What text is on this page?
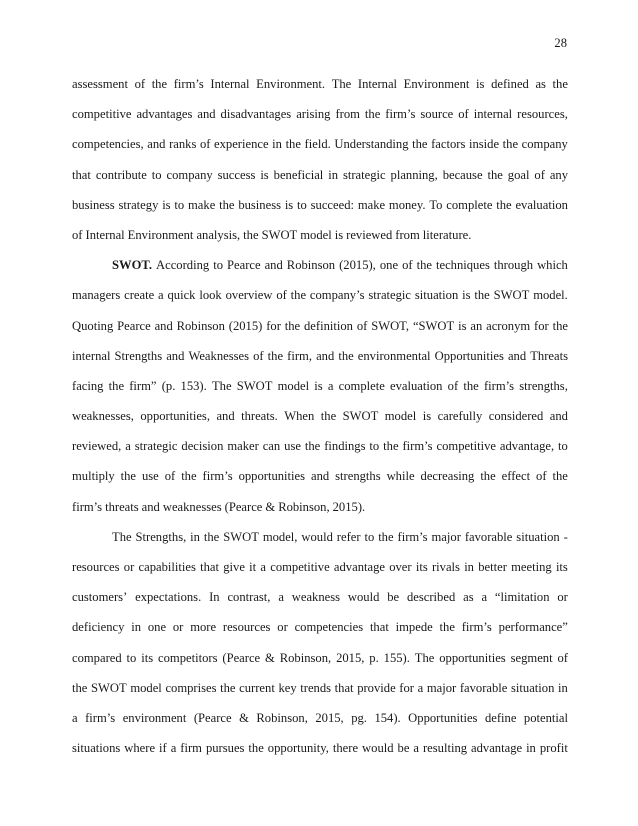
28
assessment of the firm’s Internal Environment. The Internal Environment is defined as the
competitive advantages and disadvantages arising from the firm’s source of internal resources,
competencies, and ranks of experience in the field. Understanding the factors inside the company
that contribute to company success is beneficial in strategic planning, because the goal of any
business strategy is to make the business is to succeed: make money. To complete the evaluation
of Internal Environment analysis, the SWOT model is reviewed from literature.
SWOT. According to Pearce and Robinson (2015), one of the techniques through which
managers create a quick look overview of the company’s strategic situation is the SWOT model.
Quoting Pearce and Robinson (2015) for the definition of SWOT, “SWOT is an acronym for the
internal Strengths and Weaknesses of the firm, and the environmental Opportunities and Threats
facing the firm” (p. 153). The SWOT model is a complete evaluation of the firm’s strengths,
weaknesses, opportunities, and threats. When the SWOT model is carefully considered and
reviewed, a strategic decision maker can use the findings to the firm’s competitive advantage, to
multiply the use of the firm’s opportunities and strengths while decreasing the effect of the
firm’s threats and weaknesses (Pearce & Robinson, 2015).
The Strengths, in the SWOT model, would refer to the firm’s major favorable situation -
resources or capabilities that give it a competitive advantage over its rivals in better meeting its
customers’ expectations. In contrast, a weakness would be described as a “limitation or
deficiency in one or more resources or competencies that impede the firm’s performance”
compared to its competitors (Pearce & Robinson, 2015, p. 155). The opportunities segment of
the SWOT model comprises the current key trends that provide for a major favorable situation in
a firm’s environment (Pearce & Robinson, 2015, pg. 154). Opportunities define potential
situations where if a firm pursues the opportunity, there would be a resulting advantage in profit
